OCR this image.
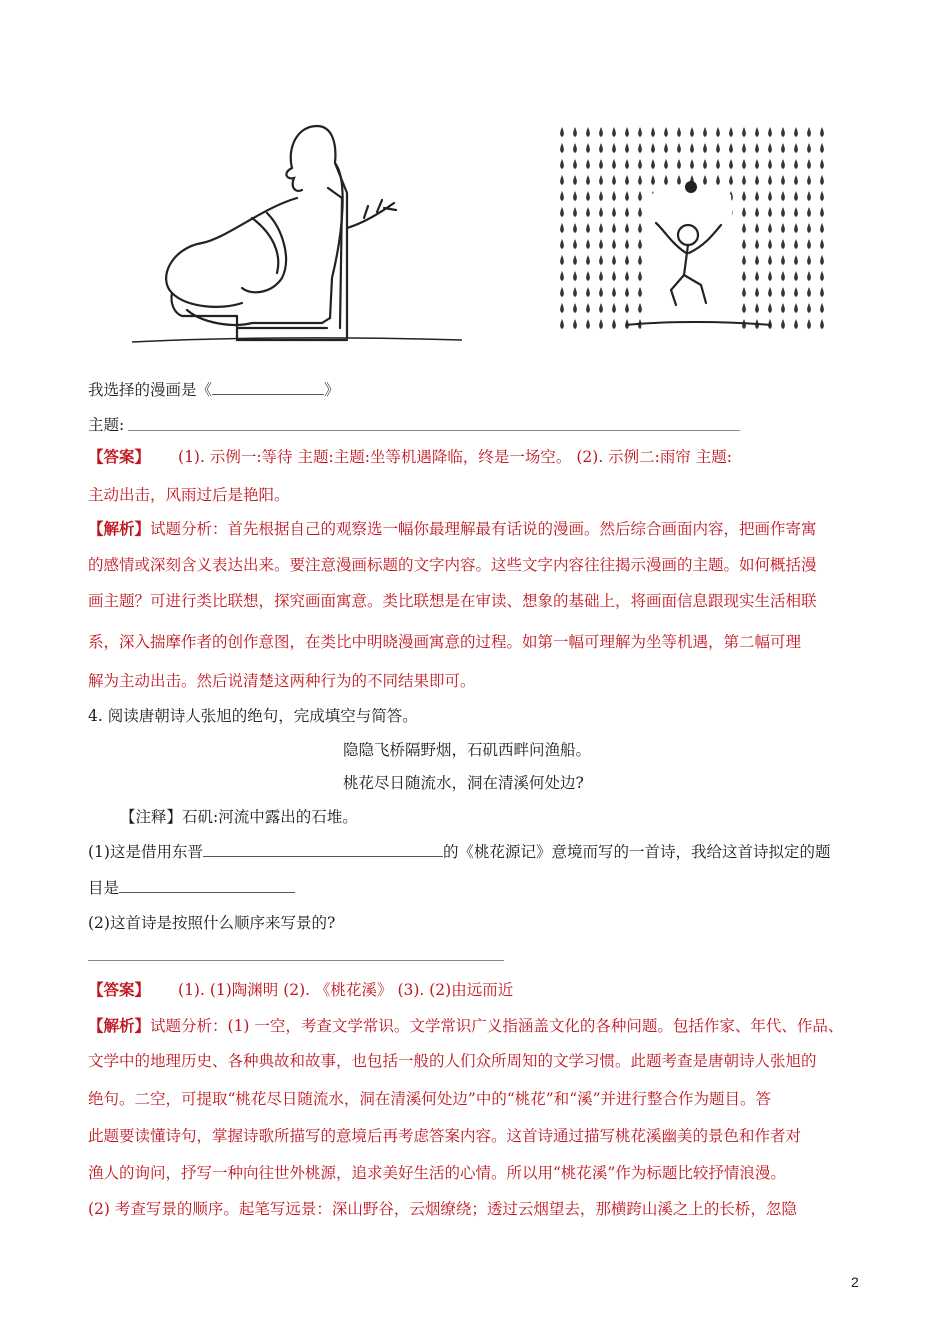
我选择的漫画是《	》
主题:
【答案】 (1). 示例一:等待 主题:主题:坐等机遇降临，终是一场空。 (2). 示例二:雨帘 主题:
主动出击，风雨过后是艳阳。
【解析】试题分析：首先根据自己的观察选一幅你最理解最有话说的漫画。然后综合画面内容，把画作寄寓
的感情或深刻含义表达出来。要注意漫画标题的文字内容。这些文字内容往往揭示漫画的主题。如何概括漫
画主题？可进行类比联想，探究画面寓意。类比联想是在审读、想象的基础上，将画面信息跟现实生活相联
系，深入揣摩作者的创作意图，在类比中明晓漫画寓意的过程。如第一幅可理解为坐等机遇，第二幅可理
解为主动出击。然后说清楚这两种行为的不同结果即可。
4. 阅读唐朝诗人张旭的绝句，完成填空与简答。
隐隐飞桥隔野烟，石矶西畔问渔船。
桃花尽日随流水，洞在清溪何处边?
【注释】石矶:河流中露出的石堆。
(1)这是借用东晋	的《桃花源记》意境而写的一首诗，我给这首诗拟定的题
目是
(2)这首诗是按照什么顺序来写景的?
【答案】 (1). (1)陶渊明 (2). 《桃花溪》 (3). (2)由远而近
【解析】试题分析：(1) 一空，考查文学常识。文学常识广义指涵盖文化的各种问题。包括作家、年代、作品、
文学中的地理历史、各种典故和故事，也包括一般的人们众所周知的文学习惯。此题考查是唐朝诗人张旭的
绝句。二空，可提取“桃花尽日随流水，洞在清溪何处边”中的“桃花”和“溪”并进行整合作为题目。答
此题要读懂诗句，掌握诗歌所描写的意境后再考虑答案内容。这首诗通过描写桃花溪幽美的景色和作者对
渔人的询问，抒写一种向往世外桃源，追求美好生活的心情。所以用“桃花溪”作为标题比较抒情浪漫。
(2) 考查写景的顺序。起笔写远景：深山野谷，云烟缭绕；透过云烟望去，那横跨山溪之上的长桥，忽隐
2
